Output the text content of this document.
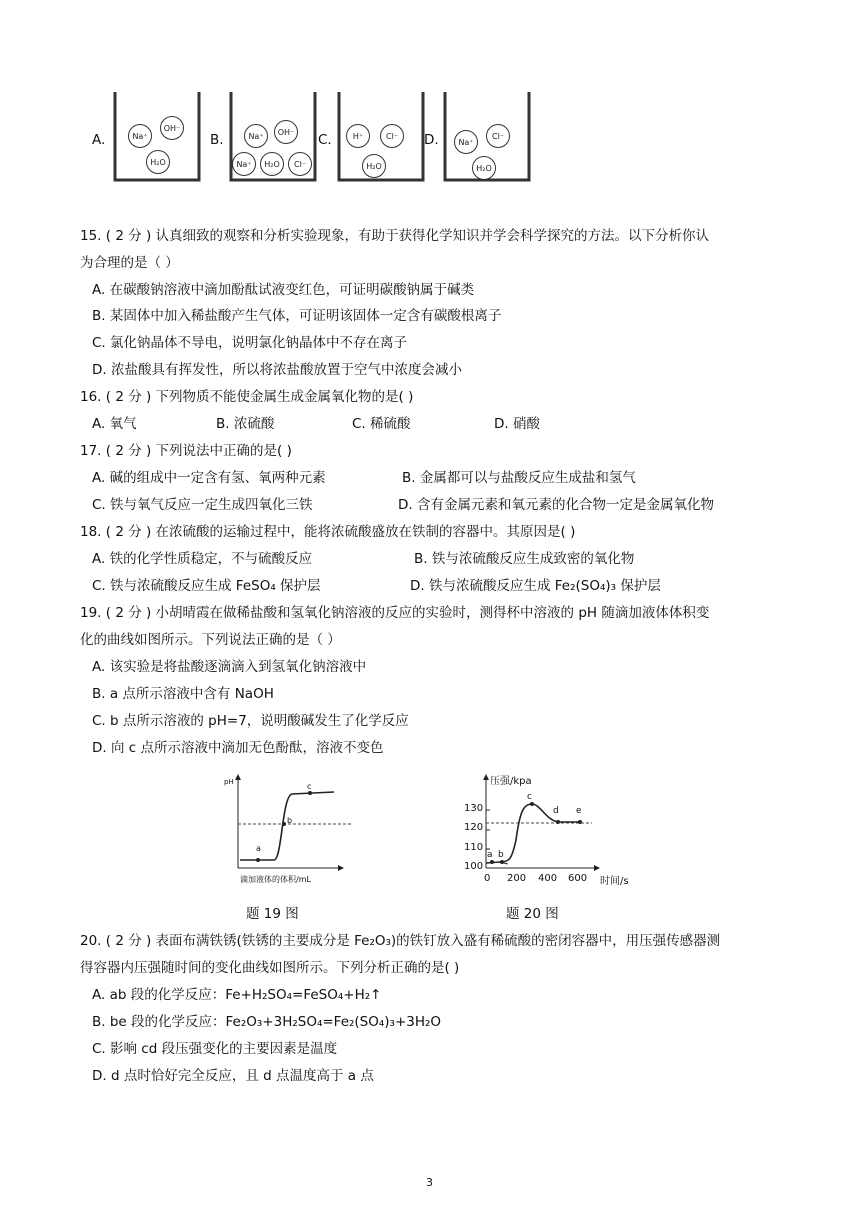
A.	Na⁺
OH⁻
H₂O
B.	Na⁺	OH⁻
Na⁺	H₂O	Cl⁻
C.	H⁺	Cl⁻
H₂O
D.	Na⁺
Cl⁻
H₂O
15. ( 2 分 ) 认真细致的观察和分析实验现象，有助于获得化学知识并学会科学探究的方法。以下分析你认
为合理的是（ ）
A. 在碳酸钠溶液中滴加酚酞试液变红色，可证明碳酸钠属于碱类
B. 某固体中加入稀盐酸产生气体，可证明该固体一定含有碳酸根离子
C. 氯化钠晶体不导电，说明氯化钠晶体中不存在离子
D. 浓盐酸具有挥发性，所以将浓盐酸放置于空气中浓度会减小
16. ( 2 分 ) 下列物质不能使金属生成金属氧化物的是( )
A. 氧气	B. 浓硫酸	C. 稀硫酸	D. 硝酸
17. ( 2 分 ) 下列说法中正确的是( )
A. 碱的组成中一定含有氢、氧两种元素	B. 金属都可以与盐酸反应生成盐和氢气
C. 铁与氧气反应一定生成四氧化三铁	D. 含有金属元素和氧元素的化合物一定是金属氧化物
18. ( 2 分 ) 在浓硫酸的运输过程中，能将浓硫酸盛放在铁制的容器中。其原因是( )
A. 铁的化学性质稳定，不与硫酸反应	B. 铁与浓硫酸反应生成致密的氧化物
C. 铁与浓硫酸反应生成 FeSO₄ 保护层	D. 铁与浓硫酸反应生成 Fe₂(SO₄)₃ 保护层
19. ( 2 分 ) 小胡晴霞在做稀盐酸和氢氧化钠溶液的反应的实验时，测得杯中溶液的 pH 随滴加液体体积变
化的曲线如图所示。下列说法正确的是（ ）
A. 该实验是将盐酸逐滴滴入到氢氧化钠溶液中
B. a 点所示溶液中含有 NaOH
C. b 点所示溶液的 pH=7，说明酸碱发生了化学反应
D. 向 c 点所示溶液中滴加无色酚酞，溶液不变色
pH
a
b
c
滴加液体的体积/mL
压强/kpa
130
120
110
100
0 200 400 600 时间/s
a b
c
d e
题 19 图	题 20 图
20. ( 2 分 ) 表面布满铁锈(铁锈的主要成分是 Fe₂O₃)的铁钉放入盛有稀硫酸的密闭容器中，用压强传感器测
得容器内压强随时间的变化曲线如图所示。下列分析正确的是( )
A. ab 段的化学反应：Fe+H₂SO₄=FeSO₄+H₂↑
B. be 段的化学反应：Fe₂O₃+3H₂SO₄=Fe₂(SO₄)₃+3H₂O
C. 影响 cd 段压强变化的主要因素是温度
D. d 点时恰好完全反应，且 d 点温度高于 a 点
3
